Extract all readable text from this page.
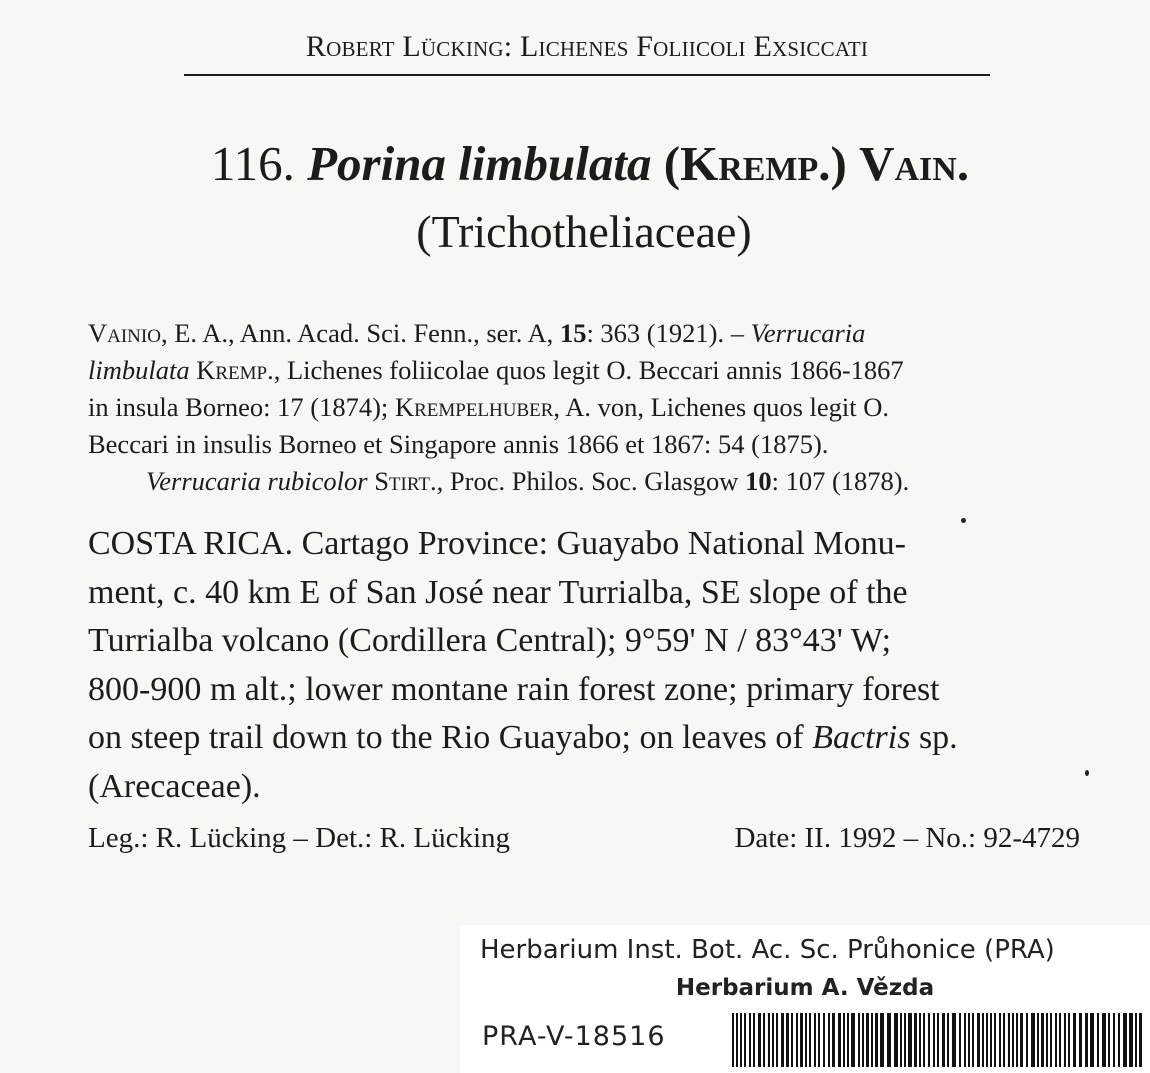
Robert Lücking: Lichenes Foliicoli Exsiccati
116. Porina limbulata (Kremp.) Vain.
(Trichotheliaceae)
Vainio, E. A., Ann. Acad. Sci. Fenn., ser. A, 15: 363 (1921). – Verrucaria
limbulata Kremp., Lichenes foliicolae quos legit O. Beccari annis 1866-1867
in insula Borneo: 17 (1874); Krempelhuber, A. von, Lichenes quos legit O.
Beccari in insulis Borneo et Singapore annis 1866 et 1867: 54 (1875).
Verrucaria rubicolor Stirt., Proc. Philos. Soc. Glasgow 10: 107 (1878).
COSTA RICA. Cartago Province: Guayabo National Monu-
ment, c. 40 km E of San José near Turrialba, SE slope of the
Turrialba volcano (Cordillera Central); 9°59' N / 83°43' W;
800-900 m alt.; lower montane rain forest zone; primary forest
on steep trail down to the Rio Guayabo; on leaves of Bactris sp.
(Arecaceae).
Leg.: R. Lücking – Det.: R. Lücking	Date: II. 1992 – No.: 92-4729
Herbarium Inst. Bot. Ac. Sc. Průhonice (PRA)
Herbarium A. Vězda
PRA-V-18516
